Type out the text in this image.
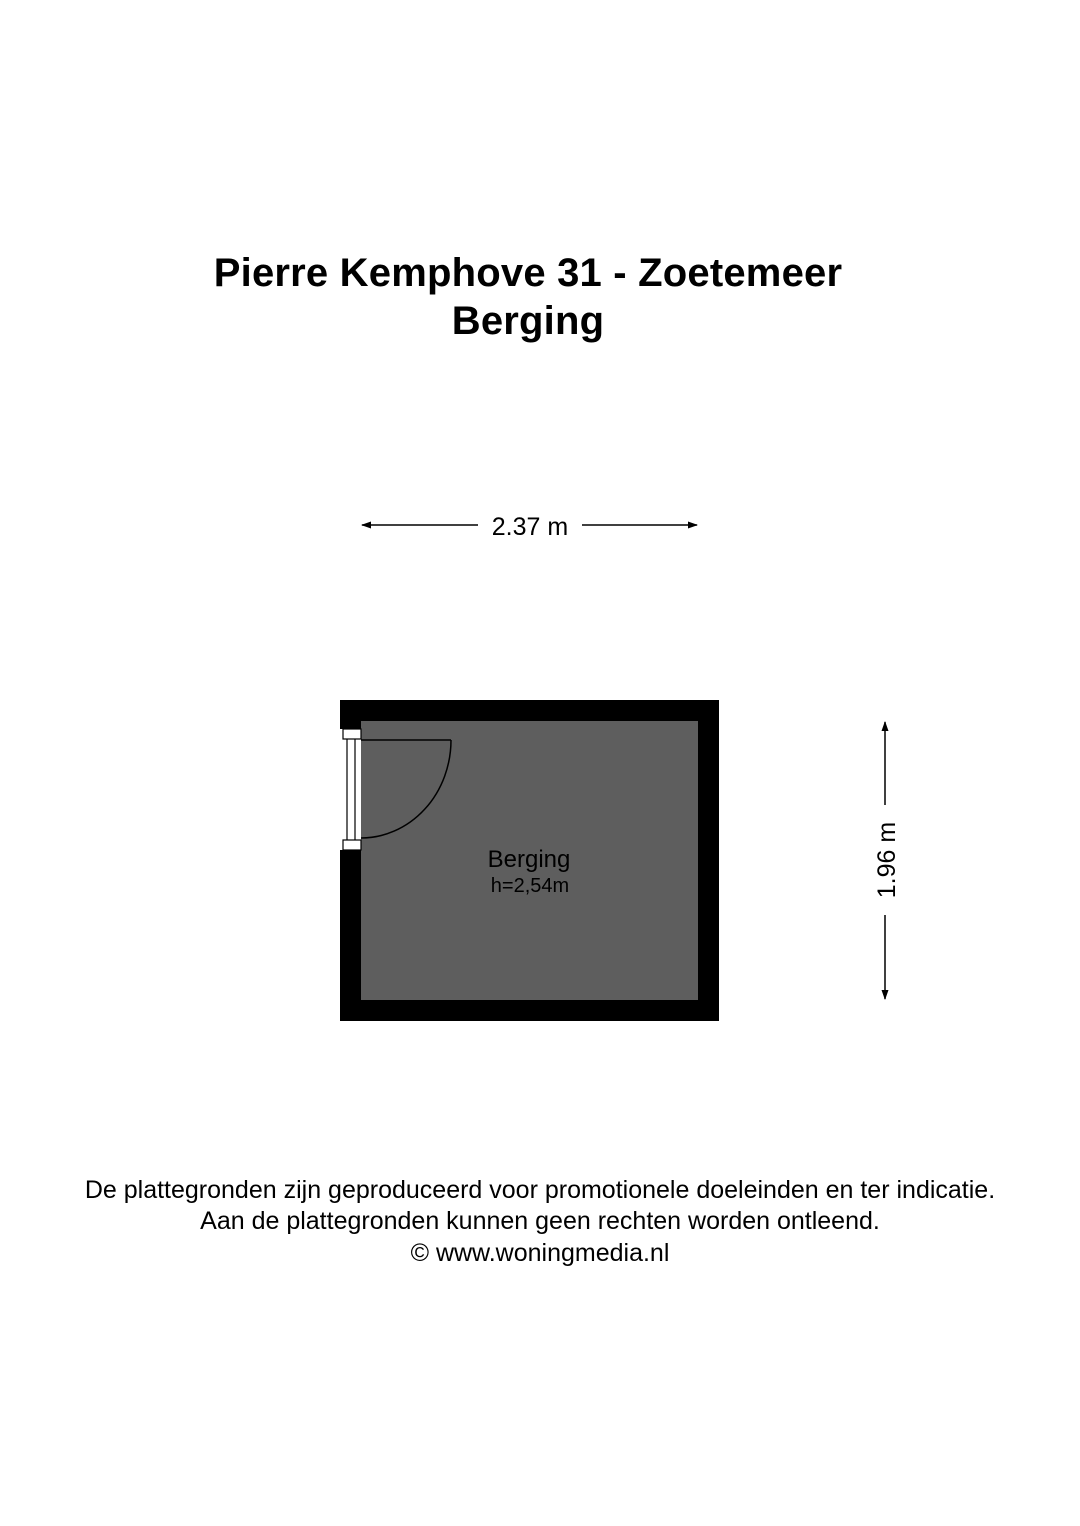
Pierre Kemphove 31 - Zoetemeer
Berging
2.37 m
1.96 m
Berging
h=2,54m
De plattegronden zijn geproduceerd voor promotionele doeleinden en ter indicatie.
Aan de plattegronden kunnen geen rechten worden ontleend.
© www.woningmedia.nl
